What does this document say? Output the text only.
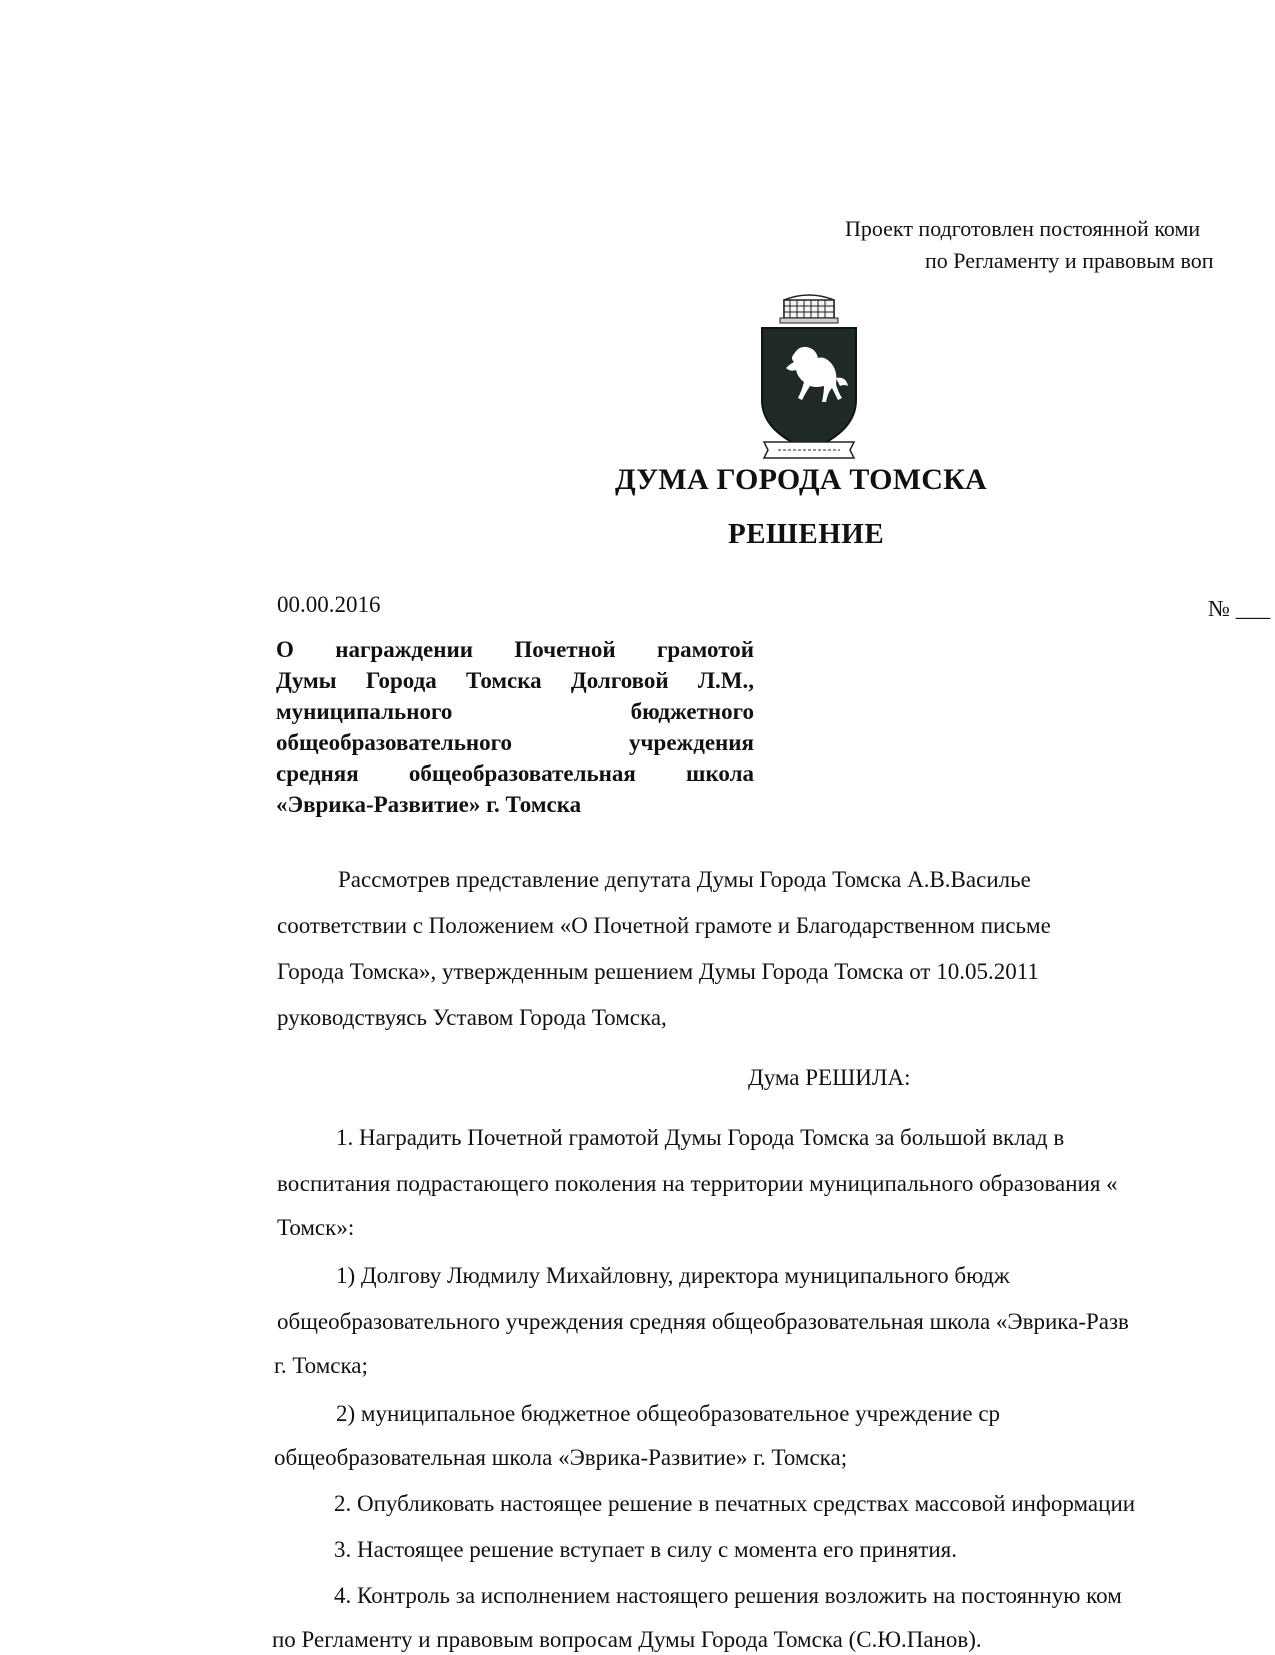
Проект подготовлен постоянной коми
по Регламенту и правовым воп
ДУМА ГОРОДА ТОМСКА
РЕШЕНИЕ
00.00.2016	№ ___
О награждении Почетной грамотой
Думы Города Томска Долговой Л.М.,
муниципального бюджетного
общеобразовательного учреждения
средняя общеобразовательная школа
«Эврика-Развитие» г. Томска
Рассмотрев представление депутата Думы Города Томска А.В.Василье
соответствии с Положением «О Почетной грамоте и Благодарственном письме
Города Томска», утвержденным решением Думы Города Томска от 10.05.2011
руководствуясь Уставом Города Томска,
Дума РЕШИЛА:
1. Наградить Почетной грамотой Думы Города Томска за большой вклад в
воспитания подрастающего поколения на территории муниципального образования «
Томск»:
1) Долгову Людмилу Михайловну, директора муниципального бюдж
общеобразовательного учреждения средняя общеобразовательная школа «Эврика-Разв
г. Томска;
2) муниципальное бюджетное общеобразовательное учреждение ср
общеобразовательная школа «Эврика-Развитие» г. Томска;
2. Опубликовать настоящее решение в печатных средствах массовой информации
3. Настоящее решение вступает в силу с момента его принятия.
4. Контроль за исполнением настоящего решения возложить на постоянную ком
по Регламенту и правовым вопросам Думы Города Томска (С.Ю.Панов).
